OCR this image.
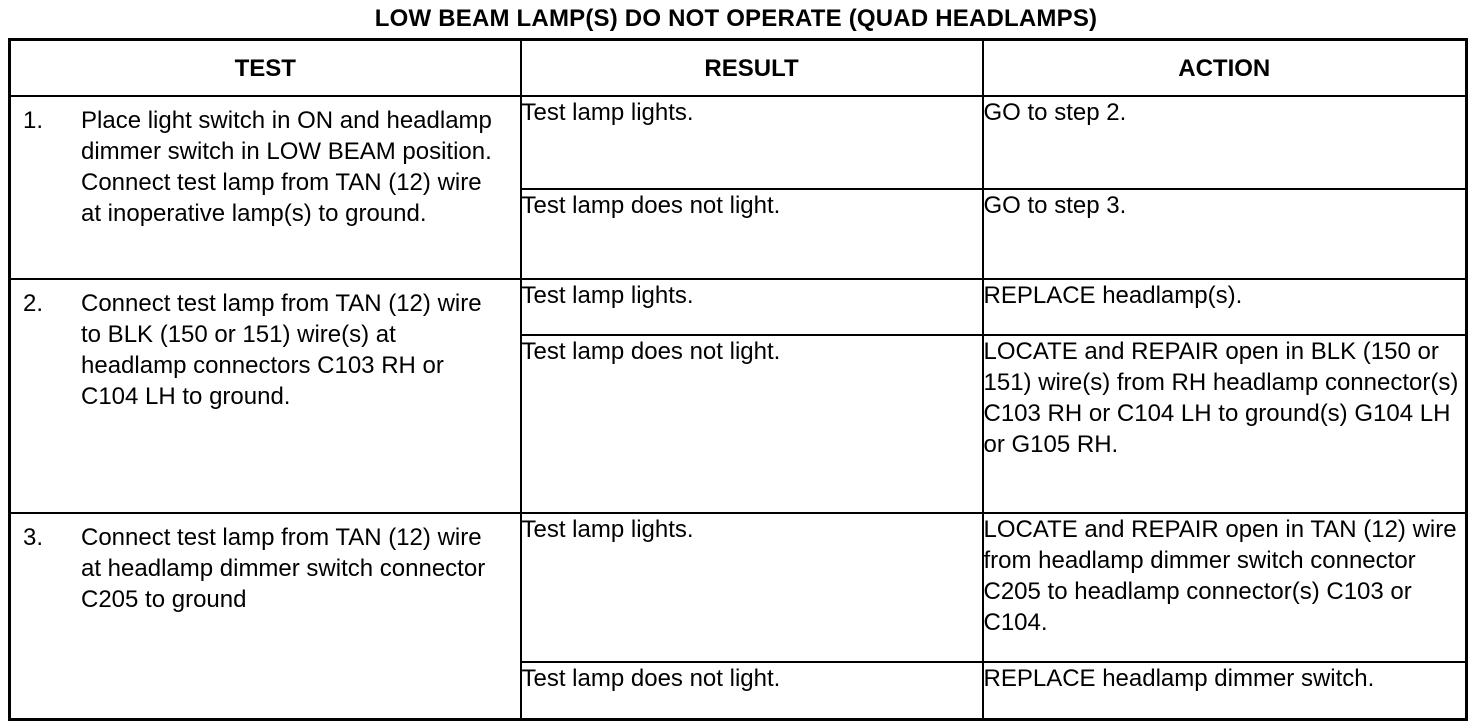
LOW BEAM LAMP(S) DO NOT OPERATE (QUAD HEADLAMPS)
TEST	RESULT	ACTION

1. Place light switch in ON and headlamp dimmer switch in LOW BEAM position. Connect test lamp from TAN (12) wire at inoperative lamp(s) to ground.	Test lamp lights.	GO to step 2.
	Test lamp does not light.	GO to step 3.

2. Connect test lamp from TAN (12) wire to BLK (150 or 151) wire(s) at headlamp connectors C103 RH or C104 LH to ground.	Test lamp lights.	REPLACE headlamp(s).
	Test lamp does not light.	LOCATE and REPAIR open in BLK (150 or 151) wire(s) from RH headlamp connector(s) C103 RH or C104 LH to ground(s) G104 LH or G105 RH.

3. Connect test lamp from TAN (12) wire at headlamp dimmer switch connector C205 to ground	Test lamp lights.	LOCATE and REPAIR open in TAN (12) wire from headlamp dimmer switch connector C205 to headlamp connector(s) C103 or C104.
	Test lamp does not light.	REPLACE headlamp dimmer switch.
